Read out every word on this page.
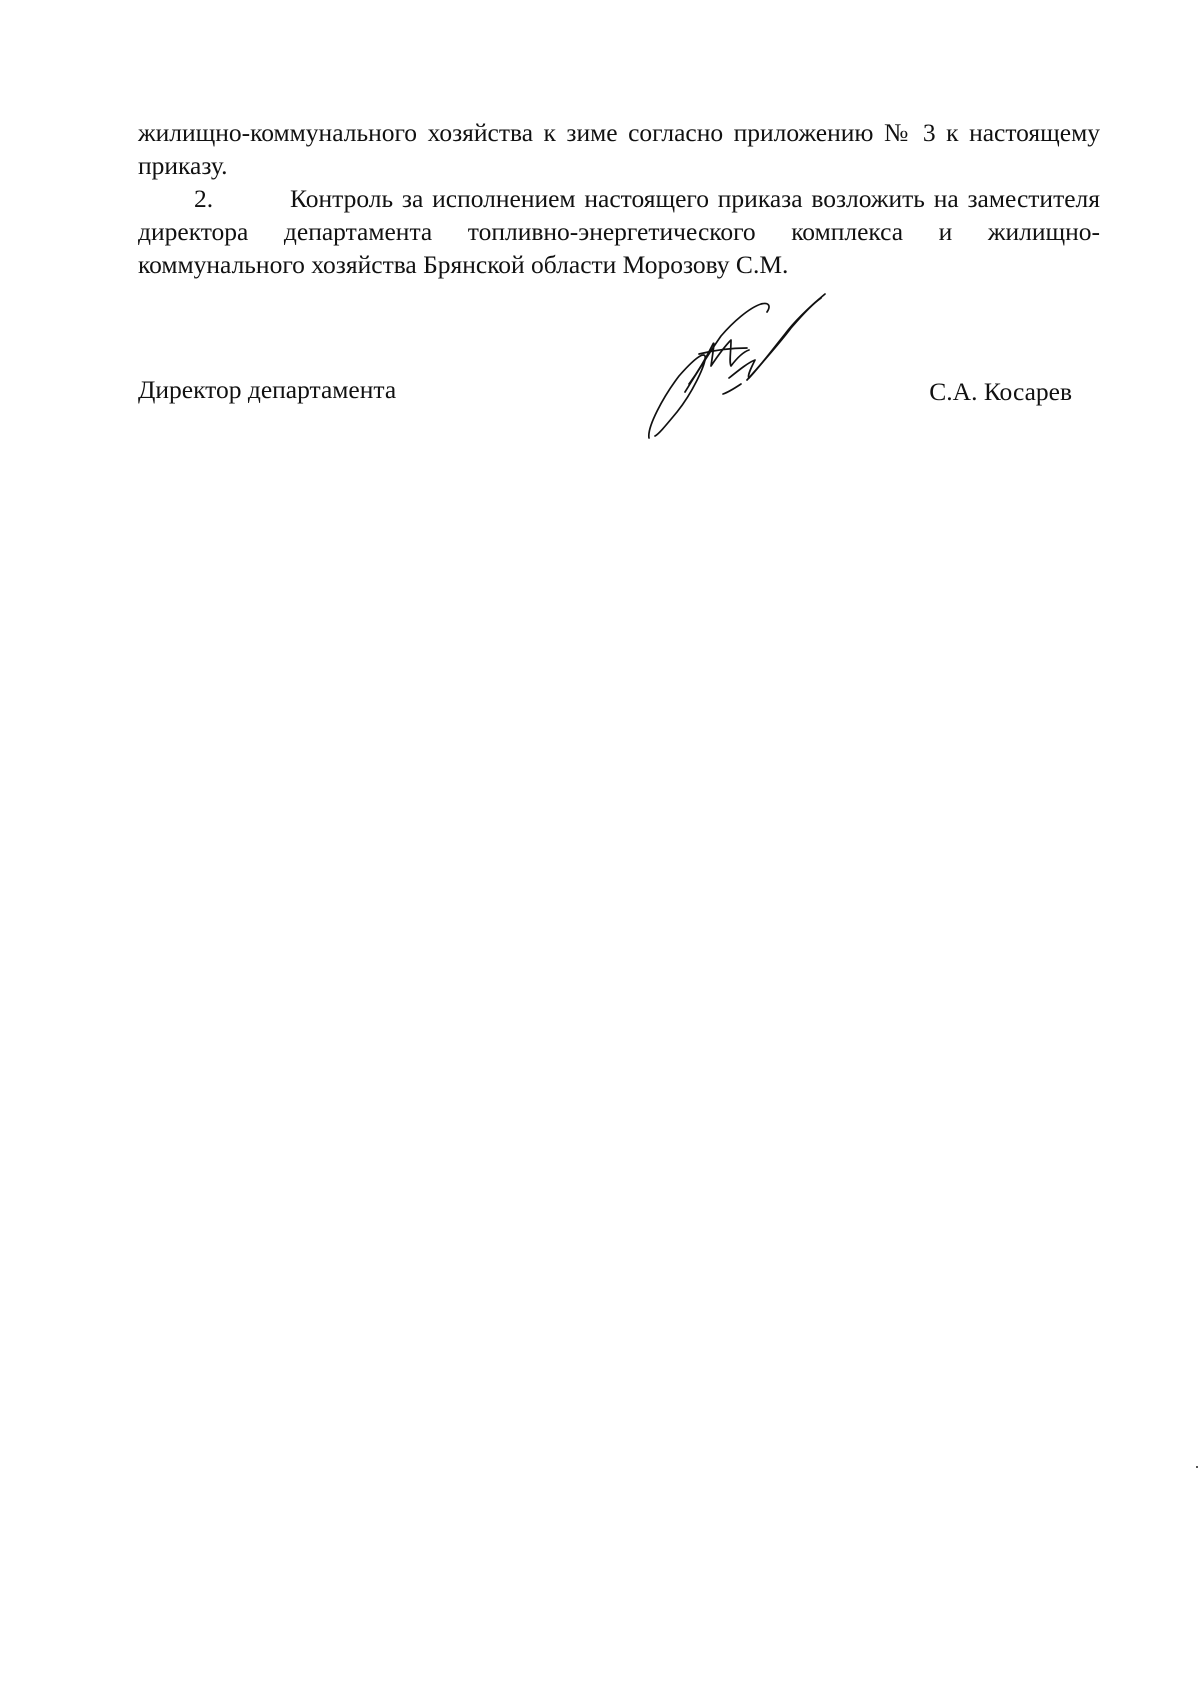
жилищно-коммунального хозяйства к зиме согласно приложению № 3 к настоящему приказу.

2.	Контроль за исполнением настоящего приказа возложить на заместителя директора департамента топливно-энергетического комплекса и жилищно-коммунального хозяйства Брянской области Морозову С.М.

Директор департамента	С.А. Косарев
